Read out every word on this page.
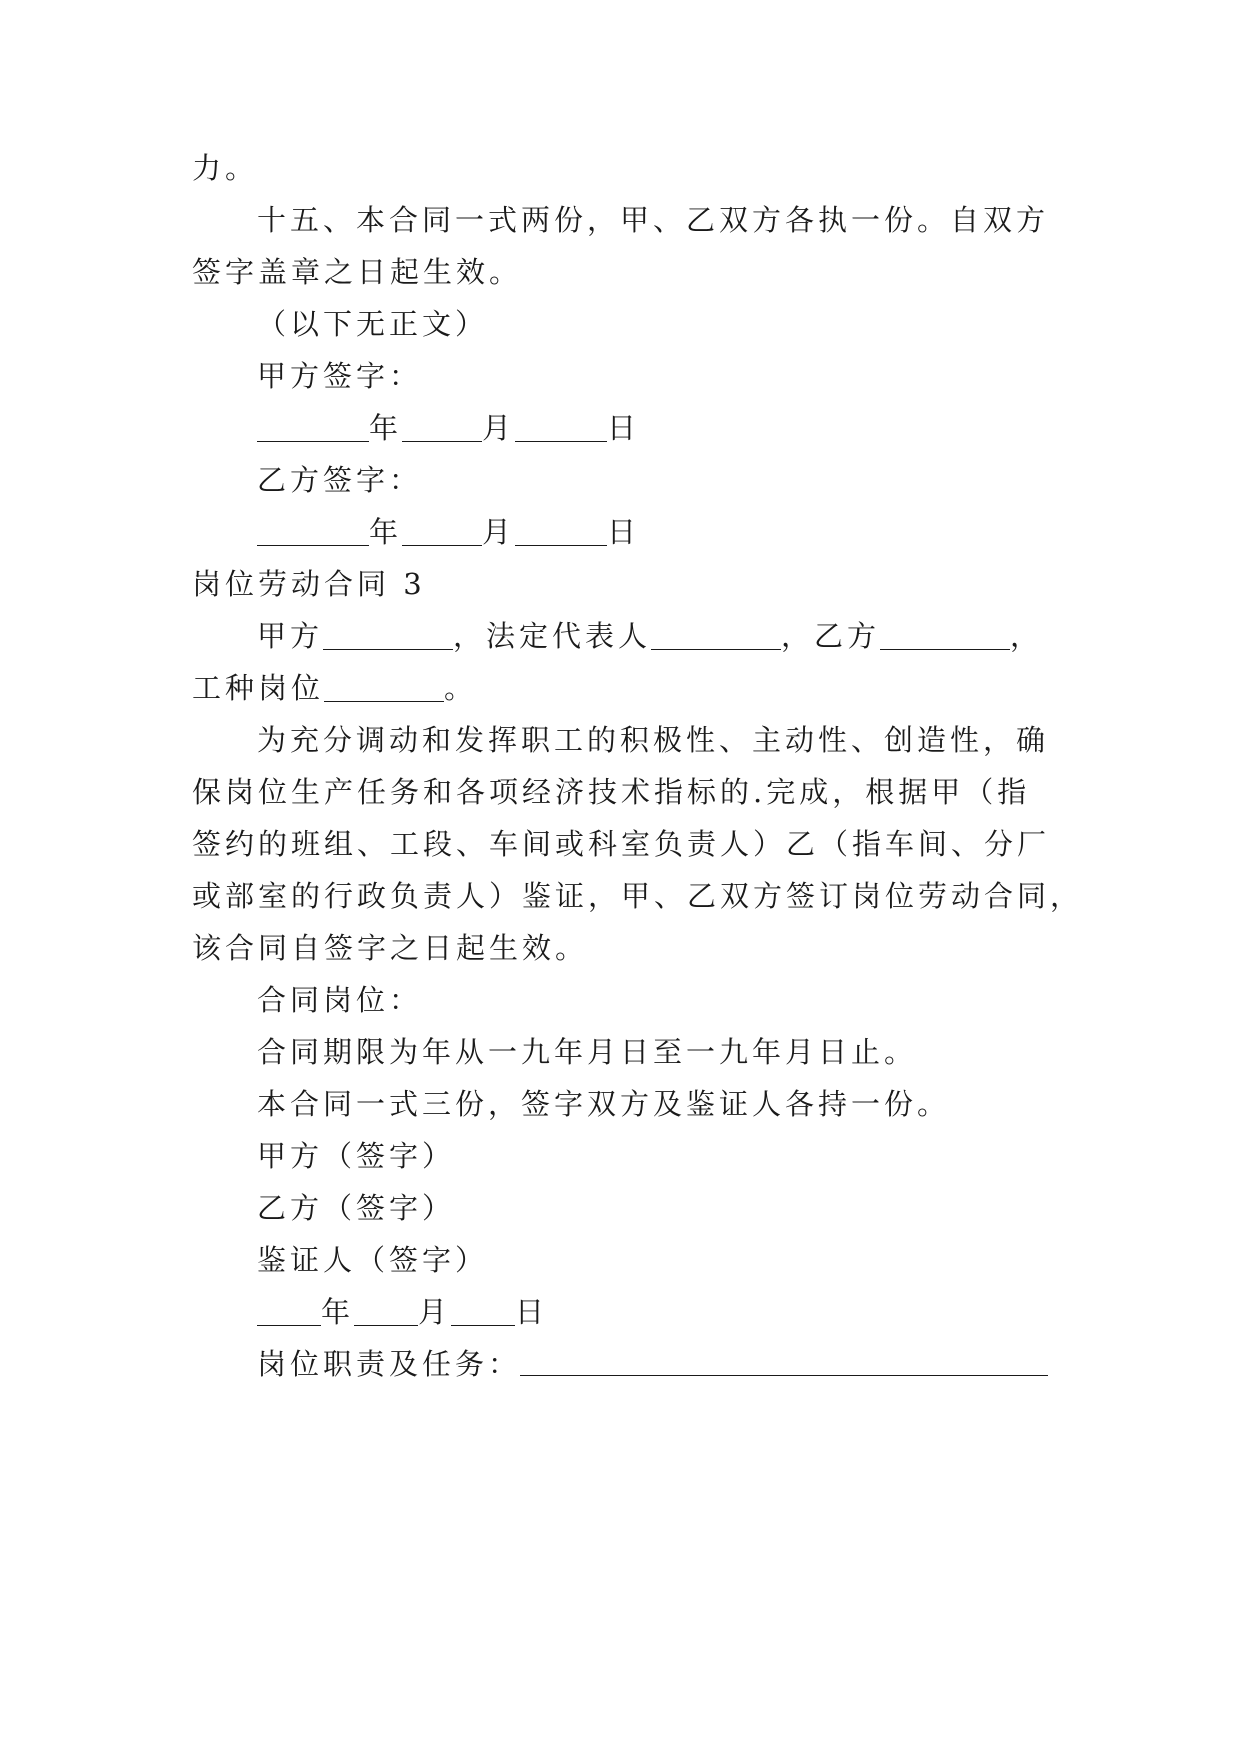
力。
十五、本合同一式两份，甲、乙双方各执一份。自双方
签字盖章之日起生效。
（以下无正文）
甲方签字：
年	月	日
乙方签字：
年	月	日
岗位劳动合同 3
甲方	，法定代表人	，乙方	，
工种岗位	。
为充分调动和发挥职工的积极性、主动性、创造性，确
保岗位生产任务和各项经济技术指标的.完成，根据甲（指
签约的班组、工段、车间或科室负责人）乙（指车间、分厂
或部室的行政负责人）鉴证，甲、乙双方签订岗位劳动合同，
该合同自签字之日起生效。
合同岗位：
合同期限为年从一九年月日至一九年月日止。
本合同一式三份，签字双方及鉴证人各持一份。
甲方（签字）
乙方（签字）
鉴证人（签字）
年 月 日
岗位职责及任务：
